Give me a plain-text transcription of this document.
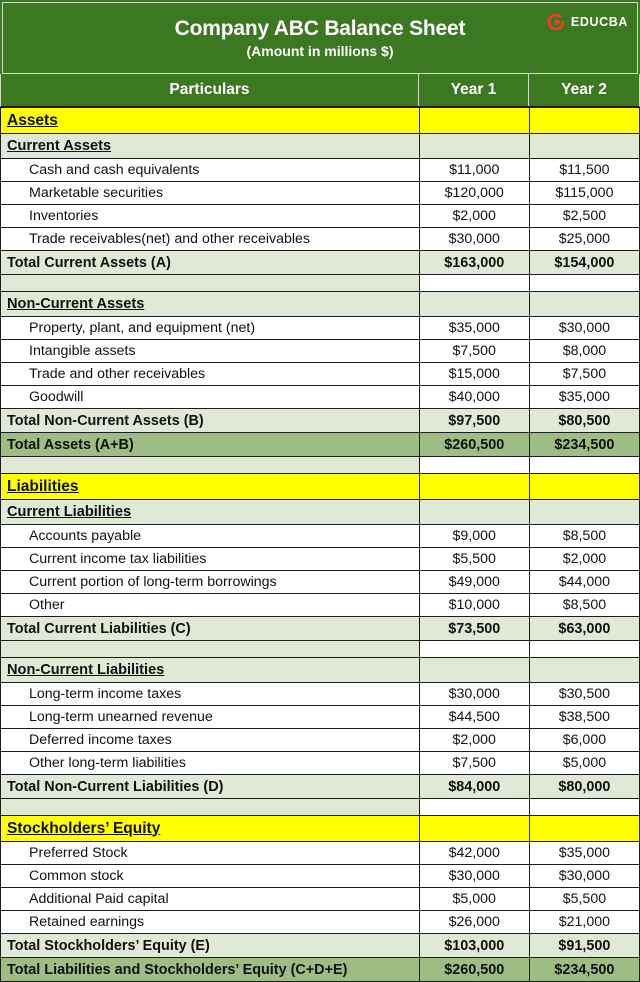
Company ABC Balance Sheet
(Amount in millions $)
EDUCBA
Particulars	Year 1	Year 2
Assets		
Current Assets		
Cash and cash equivalents	$11,000	$11,500
Marketable securities	$120,000	$115,000
Inventories	$2,000	$2,500
Trade receivables(net) and other receivables	$30,000	$25,000
Total Current Assets (A)	$163,000	$154,000

Non-Current Assets		
Property, plant, and equipment (net)	$35,000	$30,000
Intangible assets	$7,500	$8,000
Trade and other receivables	$15,000	$7,500
Goodwill	$40,000	$35,000
Total Non-Current Assets (B)	$97,500	$80,500
Total Assets (A+B)	$260,500	$234,500

Liabilities		
Current Liabilities		
Accounts payable	$9,000	$8,500
Current income tax liabilities	$5,500	$2,000
Current portion of long-term borrowings	$49,000	$44,000
Other	$10,000	$8,500
Total Current Liabilities (C)	$73,500	$63,000

Non-Current Liabilities		
Long-term income taxes	$30,000	$30,500
Long-term unearned revenue	$44,500	$38,500
Deferred income taxes	$2,000	$6,000
Other long-term liabilities	$7,500	$5,000
Total Non-Current Liabilities (D)	$84,000	$80,000

Stockholders’ Equity		
Preferred Stock	$42,000	$35,000
Common stock	$30,000	$30,000
Additional Paid capital	$5,000	$5,500
Retained earnings	$26,000	$21,000
Total Stockholders’ Equity (E)	$103,000	$91,500
Total Liabilities and Stockholders’ Equity (C+D+E)	$260,500	$234,500
